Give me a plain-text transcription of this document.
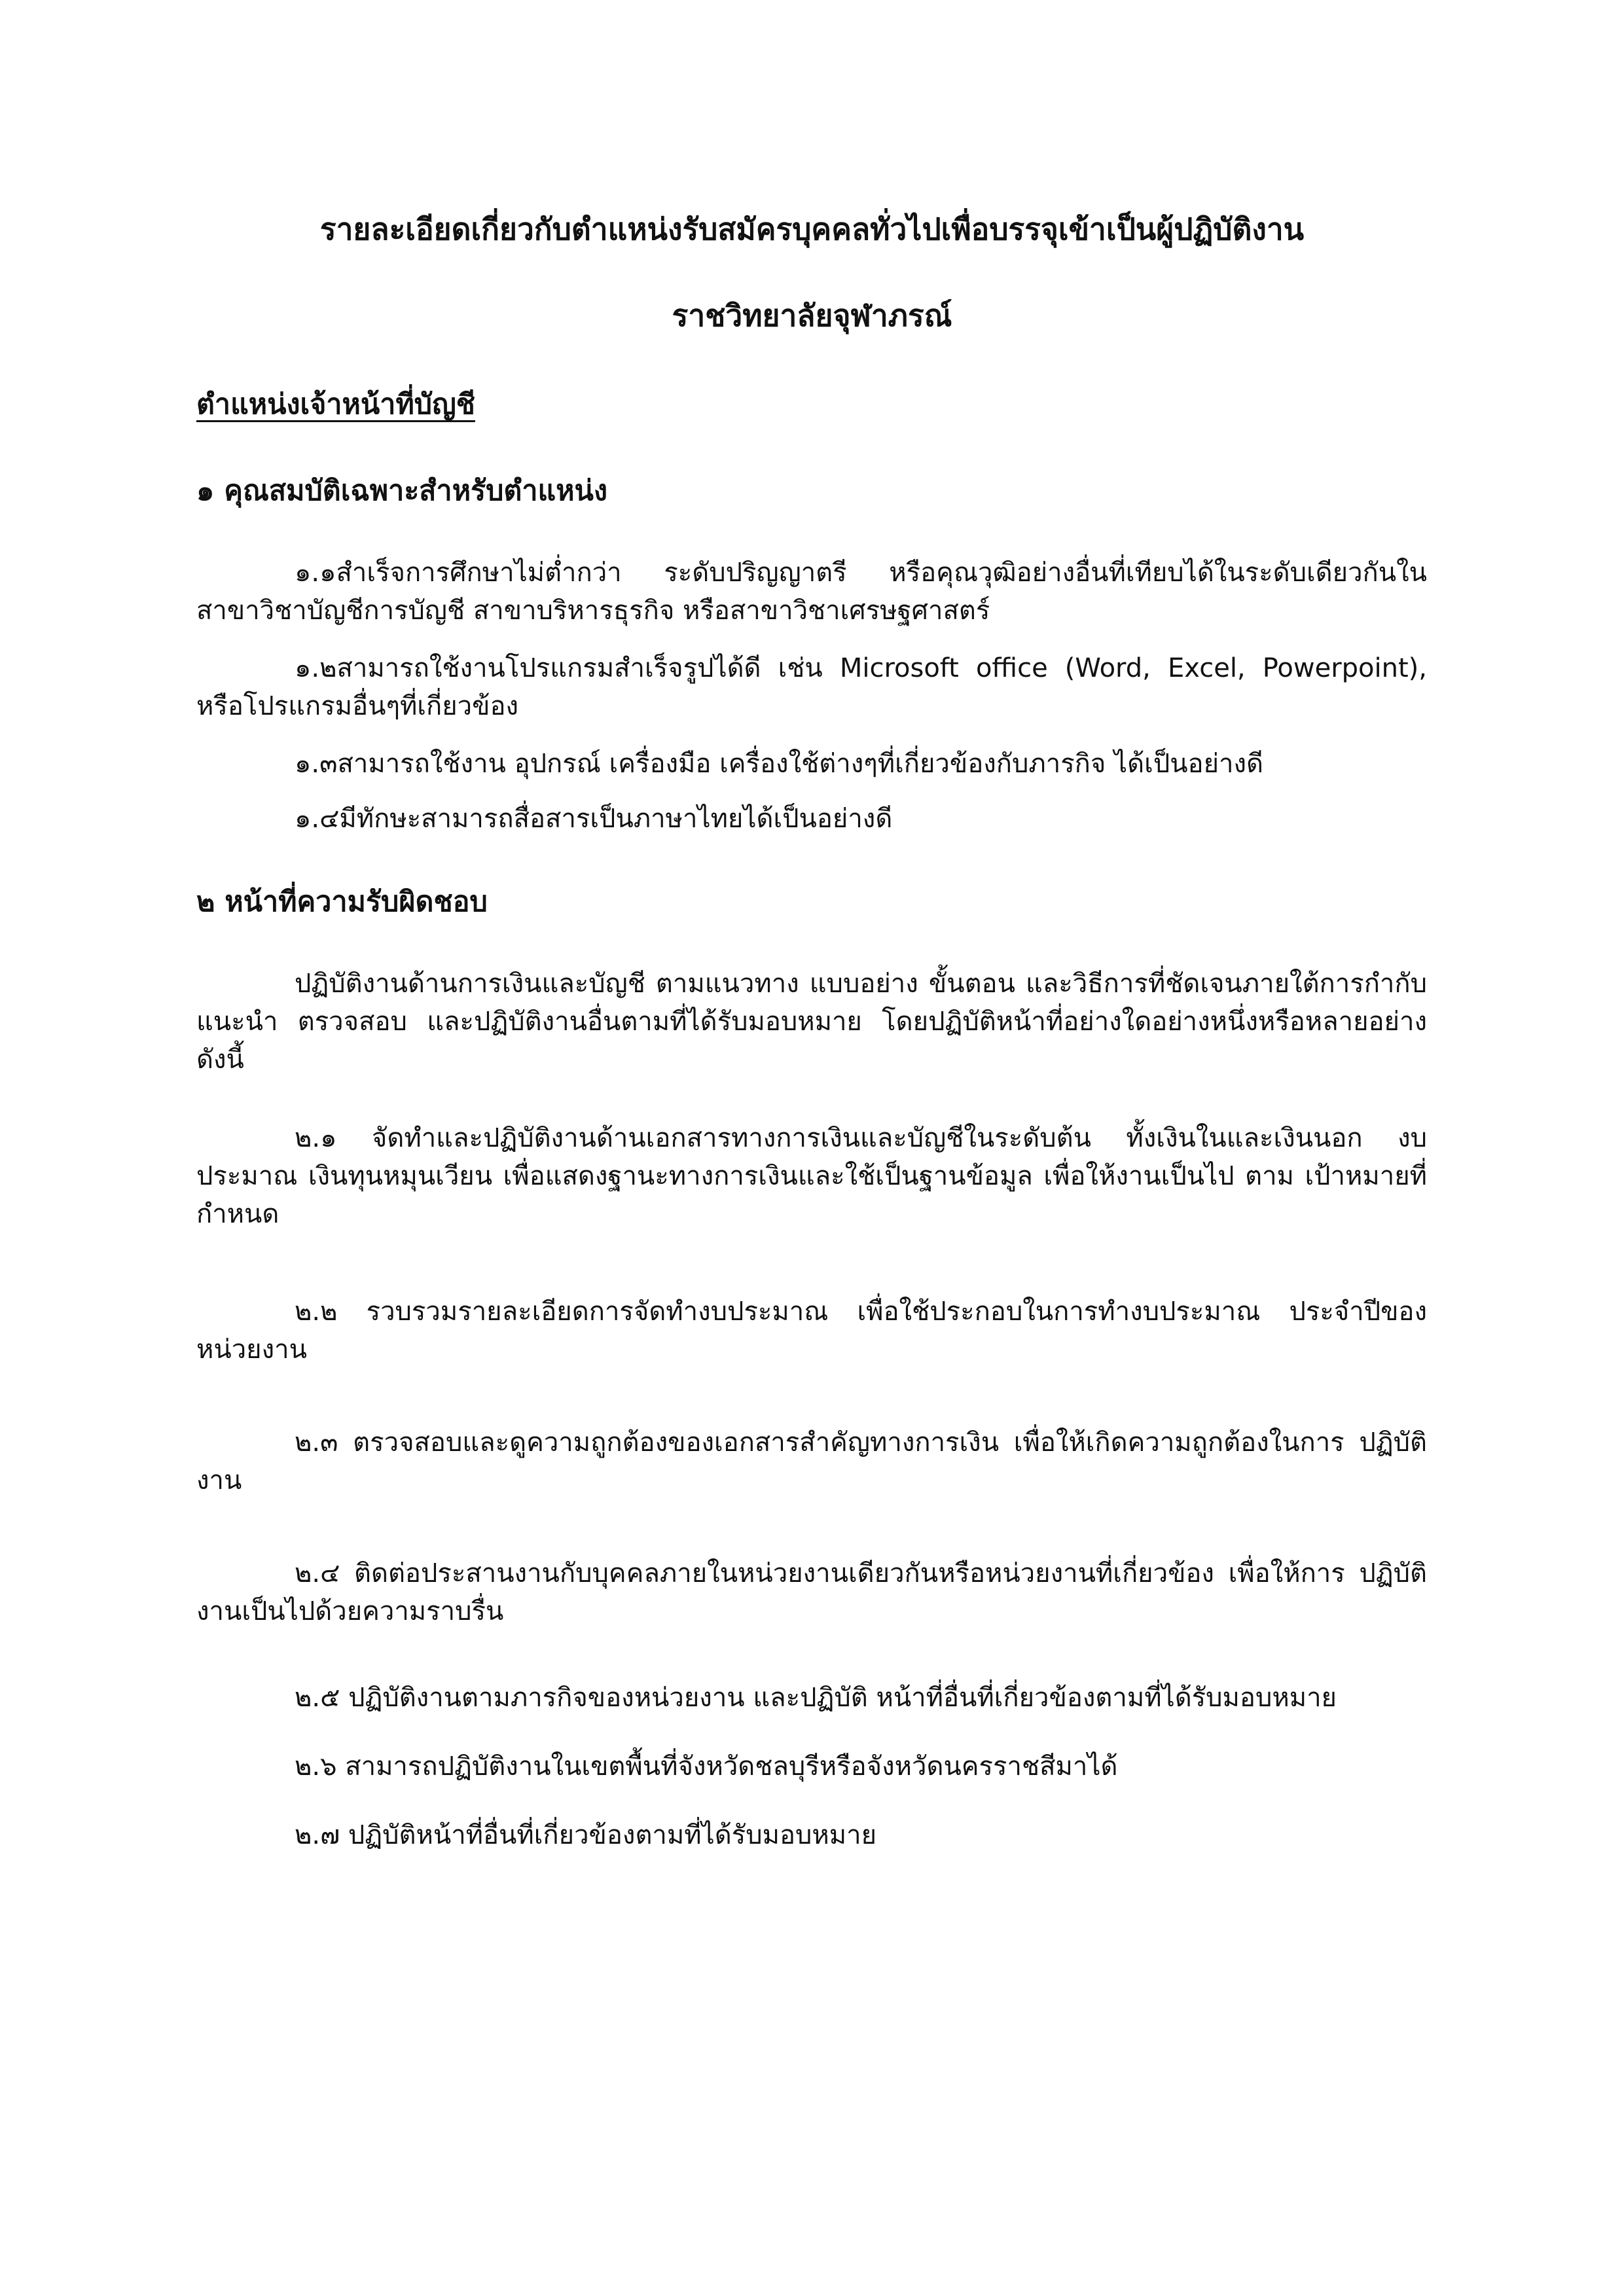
รายละเอียดเกี่ยวกับตำแหน่งรับสมัครบุคคลทั่วไปเพื่อบรรจุเข้าเป็นผู้ปฏิบัติงาน
ราชวิทยาลัยจุฬาภรณ์
ตำแหน่งเจ้าหน้าที่บัญชี
๑ คุณสมบัติเฉพาะสำหรับตำแหน่ง
๑.๑สำเร็จการศึกษาไม่ต่ำกว่า ระดับปริญญาตรี หรือคุณวุฒิอย่างอื่นที่เทียบได้ในระดับเดียวกันใน สาขาวิชาบัญชีการบัญชี สาขาบริหารธุรกิจ หรือสาขาวิชาเศรษฐศาสตร์
๑.๒สามารถใช้งานโปรแกรมสำเร็จรูปได้ดี เช่น Microsoft office (Word, Excel, Powerpoint), หรือโปรแกรมอื่นๆที่เกี่ยวข้อง
๑.๓สามารถใช้งาน อุปกรณ์ เครื่องมือ เครื่องใช้ต่างๆที่เกี่ยวข้องกับภารกิจ ได้เป็นอย่างดี
๑.๔มีทักษะสามารถสื่อสารเป็นภาษาไทยได้เป็นอย่างดี
๒ หน้าที่ความรับผิดชอบ
ปฏิบัติงานด้านการเงินและบัญชี ตามแนวทาง แบบอย่าง ขั้นตอน และวิธีการที่ชัดเจนภายใต้การกำกับ แนะนำ ตรวจสอบ และปฏิบัติงานอื่นตามที่ได้รับมอบหมาย โดยปฏิบัติหน้าที่อย่างใดอย่างหนึ่งหรือหลายอย่าง ดังนี้
๒.๑ จัดทำและปฏิบัติงานด้านเอกสารทางการเงินและบัญชีในระดับต้น ทั้งเงินในและเงินนอก งบประมาณ เงินทุนหมุนเวียน เพื่อแสดงฐานะทางการเงินและใช้เป็นฐานข้อมูล เพื่อให้งานเป็นไป ตาม เป้าหมายที่กำหนด
๒.๒ รวบรวมรายละเอียดการจัดทำงบประมาณ เพื่อใช้ประกอบในการทำงบประมาณ ประจำปีของ หน่วยงาน
๒.๓ ตรวจสอบและดูความถูกต้องของเอกสารสำคัญทางการเงิน เพื่อให้เกิดความถูกต้องในการ ปฏิบัติงาน
๒.๔ ติดต่อประสานงานกับบุคคลภายในหน่วยงานเดียวกันหรือหน่วยงานที่เกี่ยวข้อง เพื่อให้การ ปฏิบัติงานเป็นไปด้วยความราบรื่น
๒.๕ ปฏิบัติงานตามภารกิจของหน่วยงาน และปฏิบัติ หน้าที่อื่นที่เกี่ยวข้องตามที่ได้รับมอบหมาย
๒.๖ สามารถปฏิบัติงานในเขตพื้นที่จังหวัดชลบุรีหรือจังหวัดนครราชสีมาได้
๒.๗ ปฏิบัติหน้าที่อื่นที่เกี่ยวข้องตามที่ได้รับมอบหมาย
